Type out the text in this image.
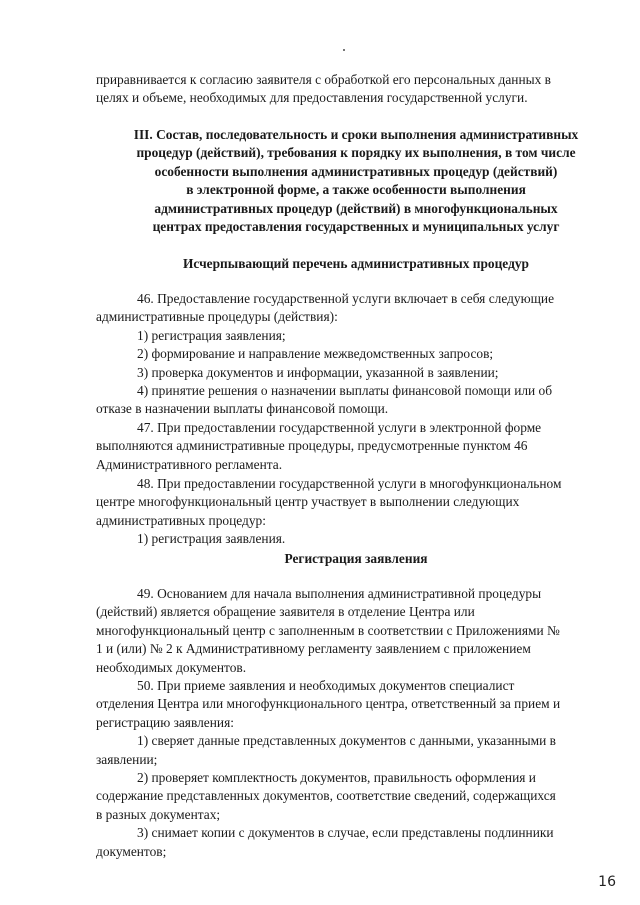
приравнивается к согласию заявителя с обработкой его персональных данных в
целях и объеме, необходимых для предоставления государственной услуги.
III. Состав, последовательность и сроки выполнения административных
процедур (действий), требования к порядку их выполнения, в том числе
особенности выполнения административных процедур (действий)
в электронной форме, а также особенности выполнения
административных процедур (действий) в многофункциональных
центрах предоставления государственных и муниципальных услуг
Исчерпывающий перечень административных процедур
46. Предоставление государственной услуги включает в себя следующие
административные процедуры (действия):
1) регистрация заявления;
2) формирование и направление межведомственных запросов;
3) проверка документов и информации, указанной в заявлении;
4) принятие решения о назначении выплаты финансовой помощи или об
отказе в назначении выплаты финансовой помощи.
47. При предоставлении государственной услуги в электронной форме
выполняются административные процедуры, предусмотренные пунктом 46
Административного регламента.
48. При предоставлении государственной услуги в многофункциональном
центре многофункциональный центр участвует в выполнении следующих
административных процедур:
1) регистрация заявления.
Регистрация заявления
49. Основанием для начала выполнения административной процедуры
(действий) является обращение заявителя в отделение Центра или
многофункциональный центр с заполненным в соответствии с Приложениями №
1 и (или) № 2 к Административному регламенту заявлением с приложением
необходимых документов.
50. При приеме заявления и необходимых документов специалист
отделения Центра или многофункционального центра, ответственный за прием и
регистрацию заявления:
1) сверяет данные представленных документов с данными, указанными в
заявлении;
2) проверяет комплектность документов, правильность оформления и
содержание представленных документов, соответствие сведений, содержащихся
в разных документах;
3) снимает копии с документов в случае, если представлены подлинники
документов;
16
